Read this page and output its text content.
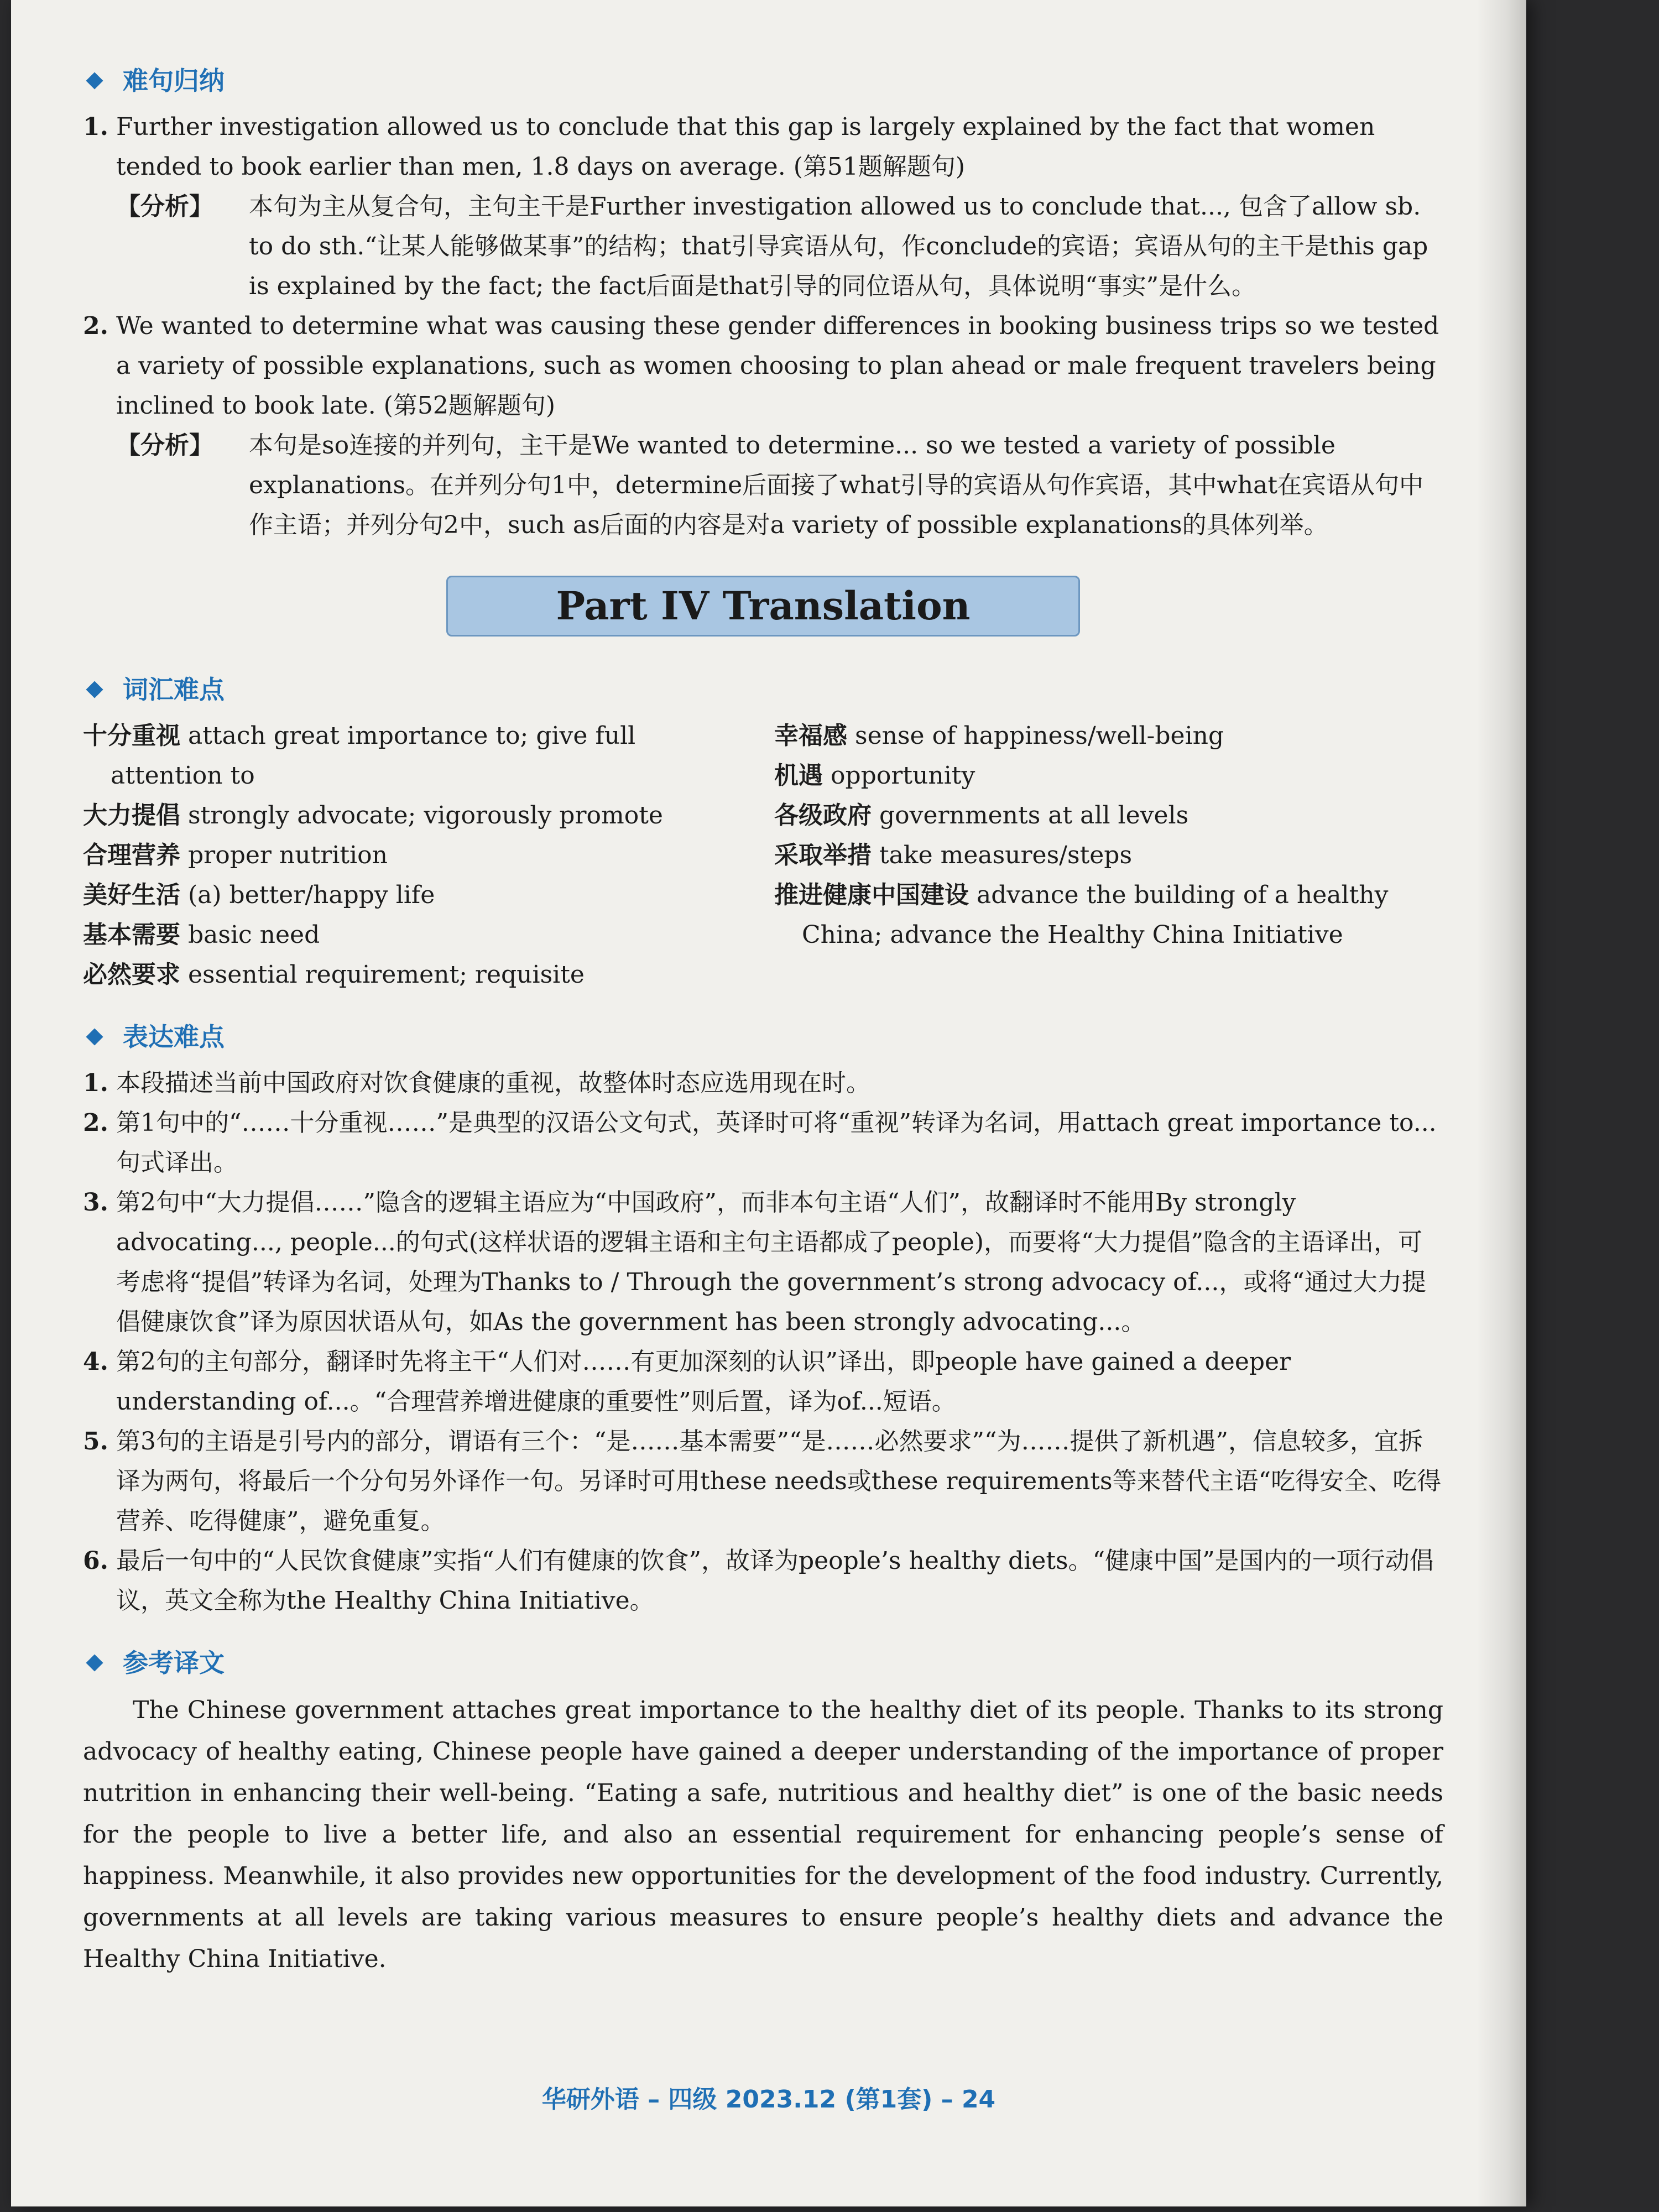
难句归纳
1. Further investigation allowed us to conclude that this gap is largely explained by the fact that women tended to book earlier than men, 1.8 days on average. (第51题解题句)
【分析】	本句为主从复合句，主句主干是Further investigation allowed us to conclude that..., 包含了allow sb. to do sth.“让某人能够做某事”的结构；that引导宾语从句，作conclude的宾语；宾语从句的主干是this gap is explained by the fact; the fact后面是that引导的同位语从句，具体说明“事实”是什么。
2. We wanted to determine what was causing these gender differences in booking business trips so we tested a variety of possible explanations, such as women choosing to plan ahead or male frequent travelers being inclined to book late. (第52题解题句)
【分析】	本句是so连接的并列句，主干是We wanted to determine... so we tested a variety of possible explanations。在并列分句1中，determine后面接了what引导的宾语从句作宾语，其中what在宾语从句中作主语；并列分句2中，such as后面的内容是对a variety of possible explanations的具体列举。
Part IV Translation
词汇难点
十分重视 attach great importance to; give full attention to
大力提倡 strongly advocate; vigorously promote
合理营养 proper nutrition
美好生活 (a) better/happy life
基本需要 basic need
必然要求 essential requirement; requisite
幸福感 sense of happiness/well-being
机遇 opportunity
各级政府 governments at all levels
采取举措 take measures/steps
推进健康中国建设 advance the building of a healthy China; advance the Healthy China Initiative
表达难点
1. 本段描述当前中国政府对饮食健康的重视，故整体时态应选用现在时。
2. 第1句中的“……十分重视……”是典型的汉语公文句式，英译时可将“重视”转译为名词，用attach great importance to...句式译出。
3. 第2句中“大力提倡……”隐含的逻辑主语应为“中国政府”，而非本句主语“人们”，故翻译时不能用By strongly advocating..., people...的句式(这样状语的逻辑主语和主句主语都成了people)，而要将“大力提倡”隐含的主语译出，可考虑将“提倡”转译为名词，处理为Thanks to / Through the government’s strong advocacy of...，或将“通过大力提倡健康饮食”译为原因状语从句，如As the government has been strongly advocating...。
4. 第2句的主句部分，翻译时先将主干“人们对……有更加深刻的认识”译出，即people have gained a deeper understanding of...。“合理营养增进健康的重要性”则后置，译为of...短语。
5. 第3句的主语是引号内的部分，谓语有三个：“是……基本需要”“是……必然要求”“为……提供了新机遇”，信息较多，宜拆译为两句，将最后一个分句另外译作一句。另译时可用these needs或these requirements等来替代主语“吃得安全、吃得营养、吃得健康”，避免重复。
6. 最后一句中的“人民饮食健康”实指“人们有健康的饮食”，故译为people’s healthy diets。“健康中国”是国内的一项行动倡议，英文全称为the Healthy China Initiative。
参考译文
The Chinese government attaches great importance to the healthy diet of its people. Thanks to its strong advocacy of healthy eating, Chinese people have gained a deeper understanding of the importance of proper nutrition in enhancing their well-being. “Eating a safe, nutritious and healthy diet” is one of the basic needs for the people to live a better life, and also an essential requirement for enhancing people’s sense of happiness. Meanwhile, it also provides new opportunities for the development of the food industry. Currently, governments at all levels are taking various measures to ensure people’s healthy diets and advance the Healthy China Initiative.
华研外语 – 四级 2023.12 (第1套) – 24
